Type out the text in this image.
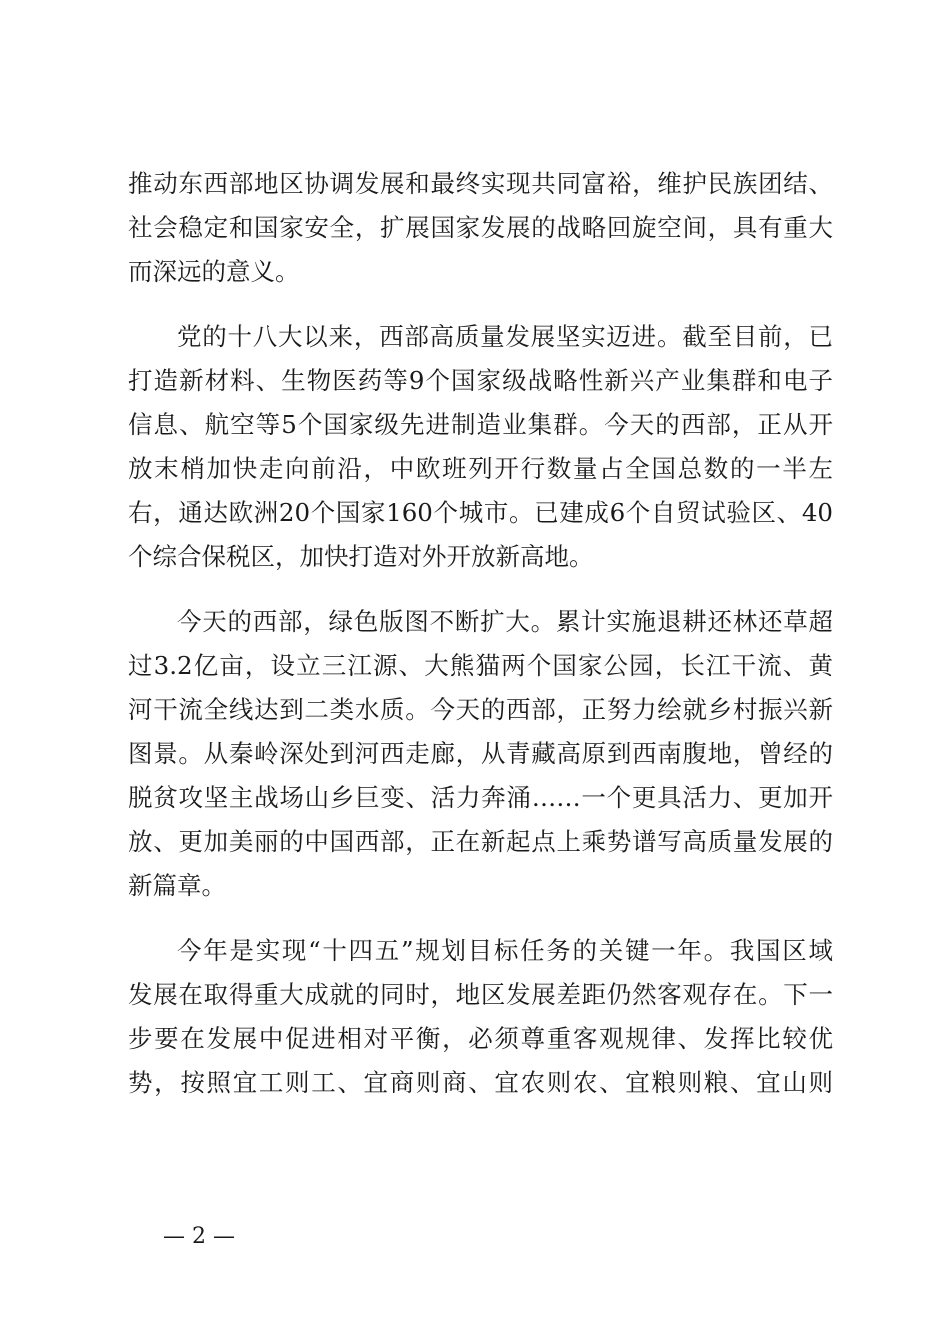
推动东西部地区协调发展和最终实现共同富裕，维护民族团结、
社会稳定和国家安全，扩展国家发展的战略回旋空间，具有重大
而深远的意义。
党的十八大以来，西部高质量发展坚实迈进。截至目前，已
打造新材料、生物医药等9个国家级战略性新兴产业集群和电子
信息、航空等5个国家级先进制造业集群。今天的西部，正从开
放末梢加快走向前沿，中欧班列开行数量占全国总数的一半左
右，通达欧洲20个国家160个城市。已建成6个自贸试验区、40
个综合保税区，加快打造对外开放新高地。
今天的西部，绿色版图不断扩大。累计实施退耕还林还草超
过3.2亿亩，设立三江源、大熊猫两个国家公园，长江干流、黄
河干流全线达到二类水质。今天的西部，正努力绘就乡村振兴新
图景。从秦岭深处到河西走廊，从青藏高原到西南腹地，曾经的
脱贫攻坚主战场山乡巨变、活力奔涌……一个更具活力、更加开
放、更加美丽的中国西部，正在新起点上乘势谱写高质量发展的
新篇章。
今年是实现“十四五”规划目标任务的关键一年。我国区域
发展在取得重大成就的同时，地区发展差距仍然客观存在。下一
步要在发展中促进相对平衡，必须尊重客观规律、发挥比较优
势，按照宜工则工、宜商则商、宜农则农、宜粮则粮、宜山则
— 2 —
